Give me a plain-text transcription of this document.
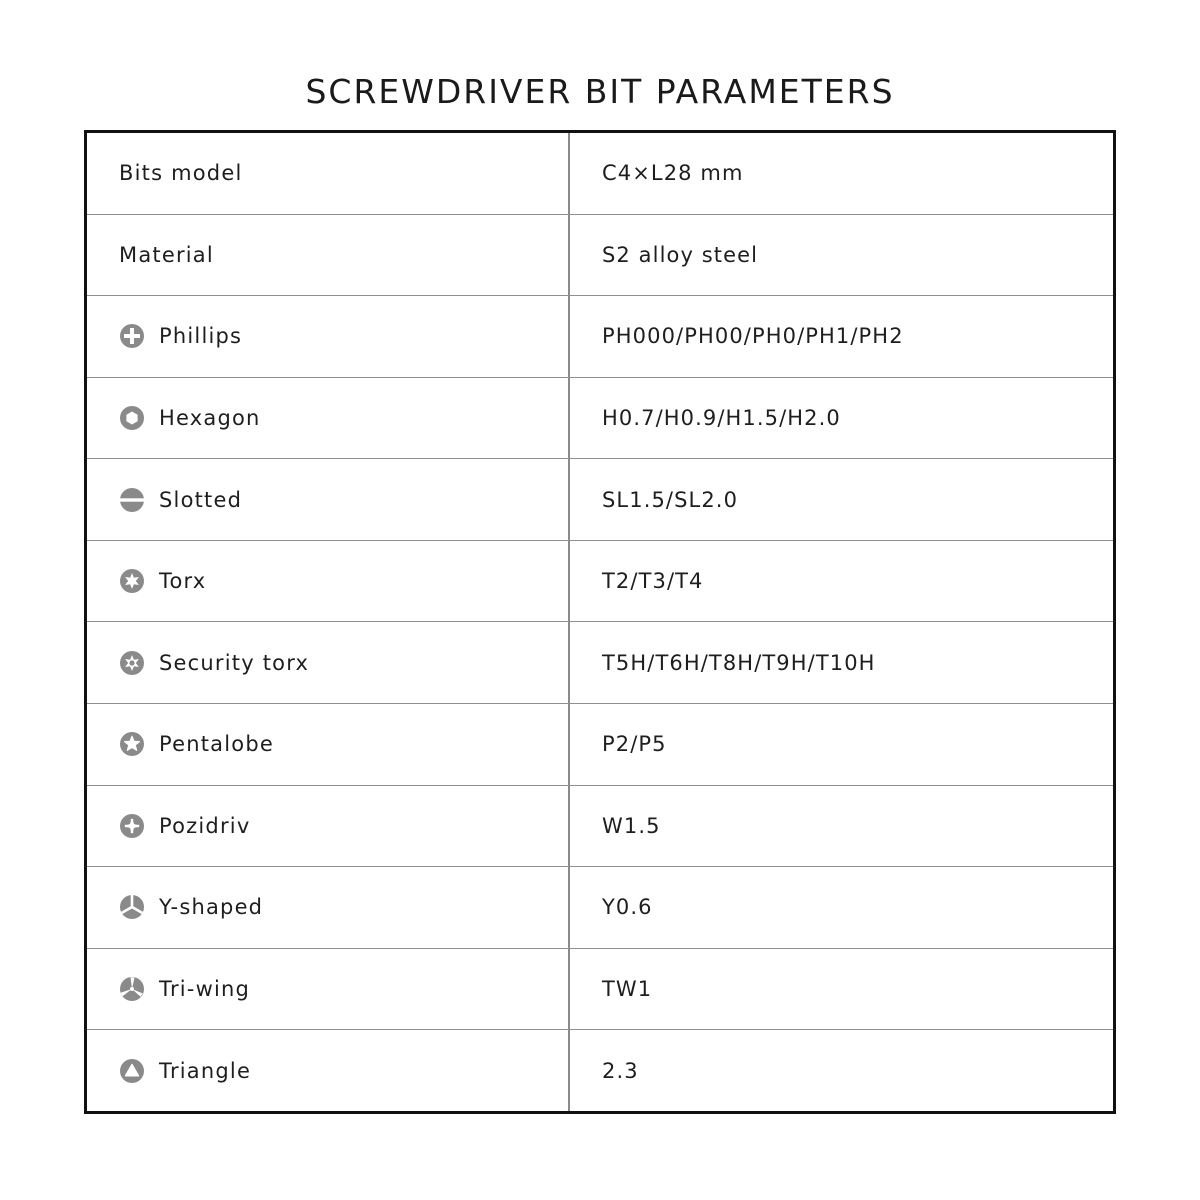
SCREWDRIVER BIT PARAMETERS
Bits model	C4×L28 mm
Material	S2 alloy steel
Phillips	PH000/PH00/PH0/PH1/PH2
Hexagon	H0.7/H0.9/H1.5/H2.0
Slotted	SL1.5/SL2.0
Torx	T2/T3/T4
Security torx	T5H/T6H/T8H/T9H/T10H
Pentalobe	P2/P5
Pozidriv	W1.5
Y-shaped	Y0.6
Tri-wing	TW1
Triangle	2.3
